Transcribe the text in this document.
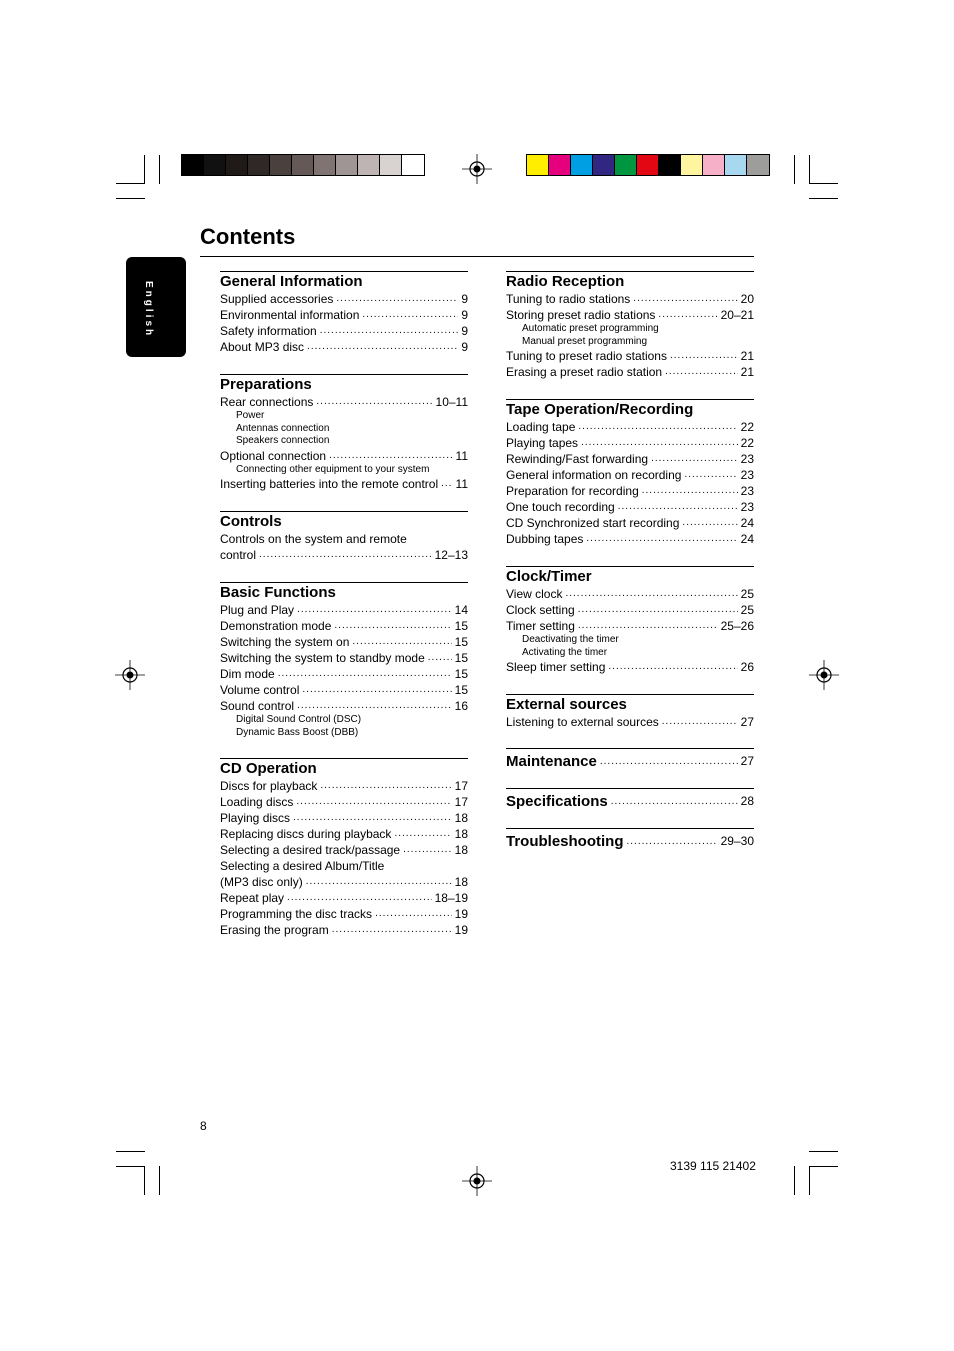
Contents
English	General Information
Supplied accessories .....	9
Environmental information .....	9
Safety information .....	9
About MP3 disc .....	9
Preparations
Rear connections .....	10–11
Power
Antennas connection
Speakers connection
Optional connection .....	11
Connecting other equipment to your system
Inserting batteries into the remote control ..... 11
Controls
Controls on the system and remote
control .....	12–13
Basic Functions
Plug and Play .....	14
Demonstration mode .....	15
Switching the system on .....	15
Switching the system to standby mode ..... 15
Dim mode .....	15
Volume control .....	15
Sound control .....	16
Digital Sound Control (DSC)
Dynamic Bass Boost (DBB)
CD Operation
Discs for playback .....	17
Loading discs .....	17
Playing discs .....	18
Replacing discs during playback .....	18
Selecting a desired track/passage .....	18
Selecting a desired Album/Title
(MP3 disc only) .....	18
Repeat play .....	18–19
Programming the disc tracks .....	19
Erasing the program .....	19
Radio Reception
Tuning to radio stations .....	20
Storing preset radio stations .....	20–21
Automatic preset programming
Manual preset programming
Tuning to preset radio stations .....	21
Erasing a preset radio station .....	21
Tape Operation/Recording
Loading tape .....	22
Playing tapes .....	22
Rewinding/Fast forwarding .....	23
General information on recording .....	23
Preparation for recording .....	23
One touch recording .....	23
CD Synchronized start recording .....	24
Dubbing tapes .....	24
Clock/Timer
View clock .....	25
Clock setting .....	25
Timer setting .....	25–26
Deactivating the timer
Activating the timer
Sleep timer setting .....	26
External sources
Listening to external sources .....	27
Maintenance .....	27
Specifications .....	28
Troubleshooting .....	29–30
8
3139 115 21402
